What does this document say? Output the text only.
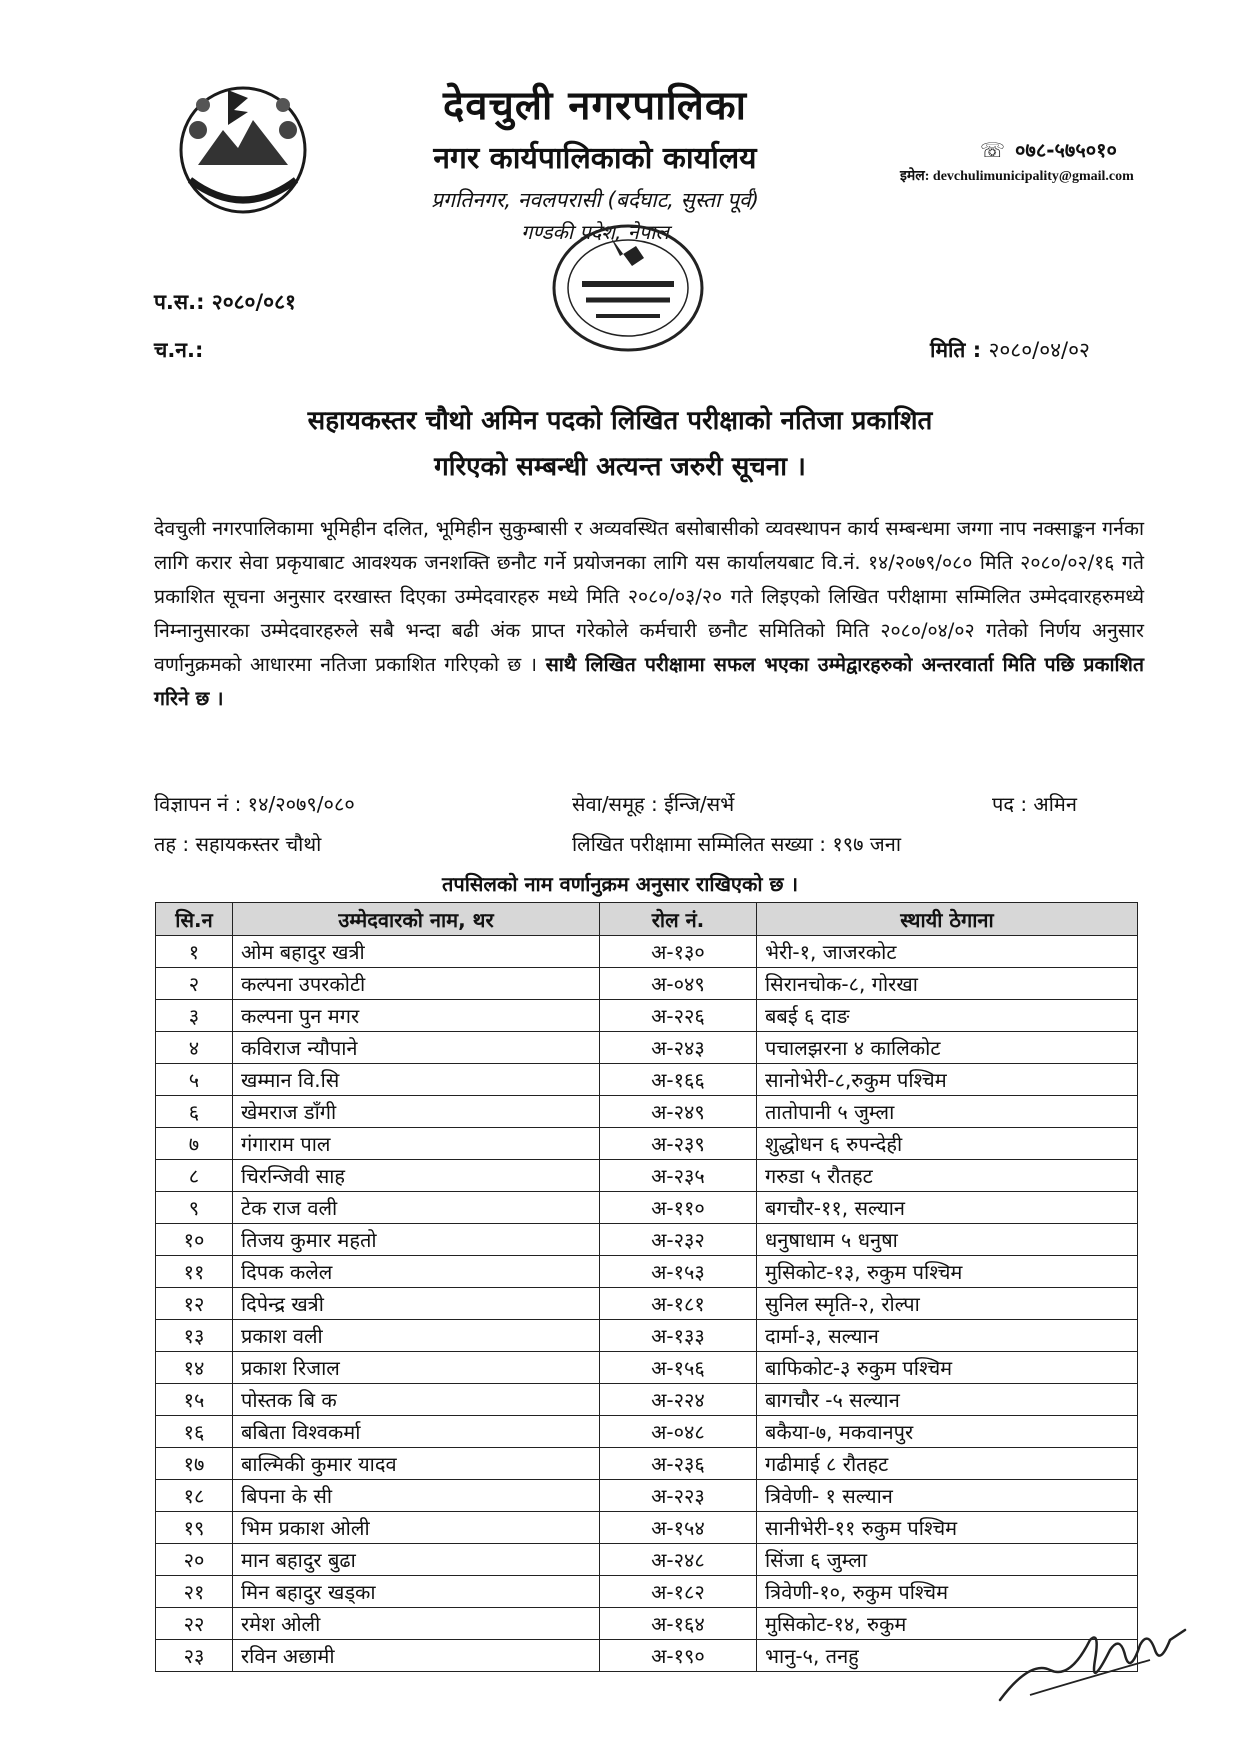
देवचुली नगरपालिका
नगर कार्यपालिकाको कार्यालय
प्रगतिनगर, नवलपरासी (बर्दघाट, सुस्ता पूर्व)
गण्डकी प्रदेश, नेपाल
☏ ०७८-५७५०१०
इमेल: devchulimunicipality@gmail.com
प.स.: २०८०/०८१
च.न.:	मिति : २०८०/०४/०२
सहायकस्तर चौथो अमिन पदको लिखित परीक्षाको नतिजा प्रकाशित
गरिएको सम्बन्धी अत्यन्त जरुरी सूचना ।
देवचुली नगरपालिकामा भूमिहीन दलित, भूमिहीन सुकुम्बासी र अव्यवस्थित बसोबासीको व्यवस्थापन कार्य सम्बन्धमा जग्गा नाप नक्साङ्कन गर्नका लागि करार सेवा प्रकृयाबाट आवश्यक जनशक्ति छनौट गर्ने प्रयोजनका लागि यस कार्यालयबाट वि.नं. १४/२०७९/०८० मिति २०८०/०२/१६ गते प्रकाशित सूचना अनुसार दरखास्त दिएका उम्मेदवारहरु मध्ये मिति २०८०/०३/२० गते लिइएको लिखित परीक्षामा सम्मिलित उम्मेदवारहरुमध्ये निम्नानुसारका उम्मेदवारहरुले सबै भन्दा बढी अंक प्राप्त गरेकोले कर्मचारी छनौट समितिको मिति २०८०/०४/०२ गतेको निर्णय अनुसार वर्णानुक्रमको आधारमा नतिजा प्रकाशित गरिएको छ । साथै लिखित परीक्षामा सफल भएका उम्मेद्वारहरुको अन्तरवार्ता मिति पछि प्रकाशित गरिने छ ।
विज्ञापन नं : १४/२०७९/०८०	सेवा/समूह : ईन्जि/सर्भे	पद : अमिन
तह : सहायकस्तर चौथो	लिखित परीक्षामा सम्मिलित सख्या : १९७ जना
तपसिलको नाम वर्णानुक्रम अनुसार राखिएको छ ।
सि.न	उम्मेदवारको नाम, थर	रोल नं.	स्थायी ठेगाना
१	ओम बहादुर खत्री	अ-१३०	भेरी-१, जाजरकोट
२	कल्पना उपरकोटी	अ-०४९	सिरानचोक-८, गोरखा
३	कल्पना पुन मगर	अ-२२६	बबई ६ दाङ
४	कविराज न्यौपाने	अ-२४३	पचालझरना ४ कालिकोट
५	खम्मान वि.सि	अ-१६६	सानोभेरी-८,रुकुम पश्चिम
६	खेमराज डाँगी	अ-२४९	तातोपानी ५ जुम्ला
७	गंगाराम पाल	अ-२३९	शुद्धोधन ६ रुपन्देही
८	चिरन्जिवी साह	अ-२३५	गरुडा ५ रौतहट
९	टेक राज वली	अ-११०	बगचौर-११, सल्यान
१०	तिजय कुमार महतो	अ-२३२	धनुषाधाम ५ धनुषा
११	दिपक कलेल	अ-१५३	मुसिकोट-१३, रुकुम पश्चिम
१२	दिपेन्द्र खत्री	अ-१८१	सुनिल स्मृति-२, रोल्पा
१३	प्रकाश वली	अ-१३३	दार्मा-३, सल्यान
१४	प्रकाश रिजाल	अ-१५६	बाफिकोट-३ रुकुम पश्चिम
१५	पोस्तक बि क	अ-२२४	बागचौर -५ सल्यान
१६	बबिता विश्वकर्मा	अ-०४८	बकैया-७, मकवानपुर
१७	बाल्मिकी कुमार यादव	अ-२३६	गढीमाई ८ रौतहट
१८	बिपना के सी	अ-२२३	त्रिवेणी- १ सल्यान
१९	भिम प्रकाश ओली	अ-१५४	सानीभेरी-११ रुकुम पश्चिम
२०	मान बहादुर बुढा	अ-२४८	सिंजा ६ जुम्ला
२१	मिन बहादुर खड्का	अ-१८२	त्रिवेणी-१०, रुकुम पश्चिम
२२	रमेश ओली	अ-१६४	मुसिकोट-१४, रुकुम
२३	रविन अछामी	अ-१९०	भानु-५, तनहु
